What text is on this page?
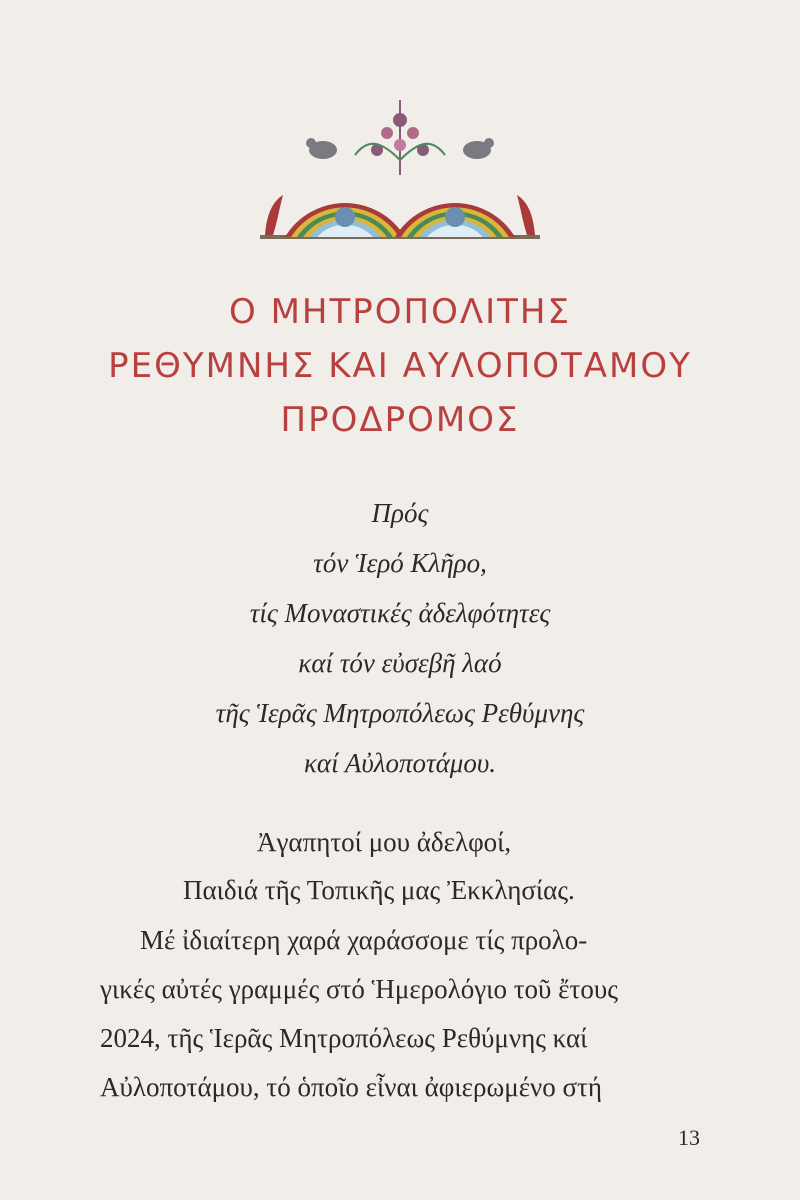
Ο ΜΗΤΡΟΠΟΛΙΤΗΣ
ΡΕΘΥΜΝΗΣ ΚΑΙ ΑΥΛΟΠΟΤΑΜΟΥ
ΠΡΟΔΡΟΜΟΣ
Πρός
τόν Ἱερό Κλῆρο,
τίς Μοναστικές ἀδελφότητες
καί τόν εὐσεβῆ λαό
τῆς Ἱερᾶς Μητροπόλεως Ρεθύμνης
καί Αὐλοποτάμου.
Ἀγαπητοί μου ἀδελφοί,
Παιδιά τῆς Τοπικῆς μας Ἐκκλησίας.
Μέ ἰδιαίτερη χαρά χαράσσομε τίς προλο-
γικές αὐτές γραμμές στό Ἡμερολόγιο τοῦ ἔτους
2024, τῆς Ἱερᾶς Μητροπόλεως Ρεθύμνης καί
Αὐλοποτάμου, τό ὁποῖο εἶναι ἀφιερωμένο στή
13
